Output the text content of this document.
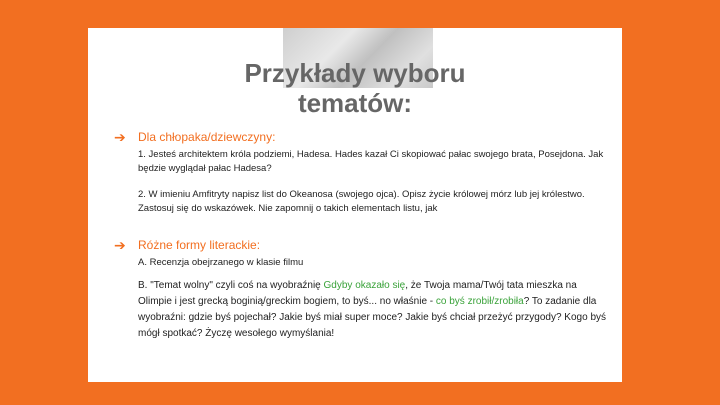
Przykłady wyboru
tematów:
➔ Dla chłopaka/dziewczyny:
1. Jesteś architektem króla podziemi, Hadesa. Hades kazał Ci skopiować pałac swojego brata, Posejdona. Jak będzie wyglądał pałac Hadesa?
2. W imieniu Amfitryty napisz list do Okeanosa (swojego ojca). Opisz życie królowej mórz lub jej królestwo. Zastosuj się do wskazówek. Nie zapomnij o takich elementach listu, jak
➔ Różne formy literackie:
A. Recenzja obejrzanego w klasie filmu
B. "Temat wolny" czyli coś na wyobraźnię Gdyby okazało się, że Twoja mama/Twój tata mieszka na Olimpie i jest grecką boginią/greckim bogiem, to byś... no właśnie - co byś zrobił/zrobiła? To zadanie dla wyobraźni: gdzie byś pojechał? Jakie byś miał super moce? Jakie byś chciał przeżyć przygody? Kogo byś mógł spotkać? Życzę wesołego wymyślania!
